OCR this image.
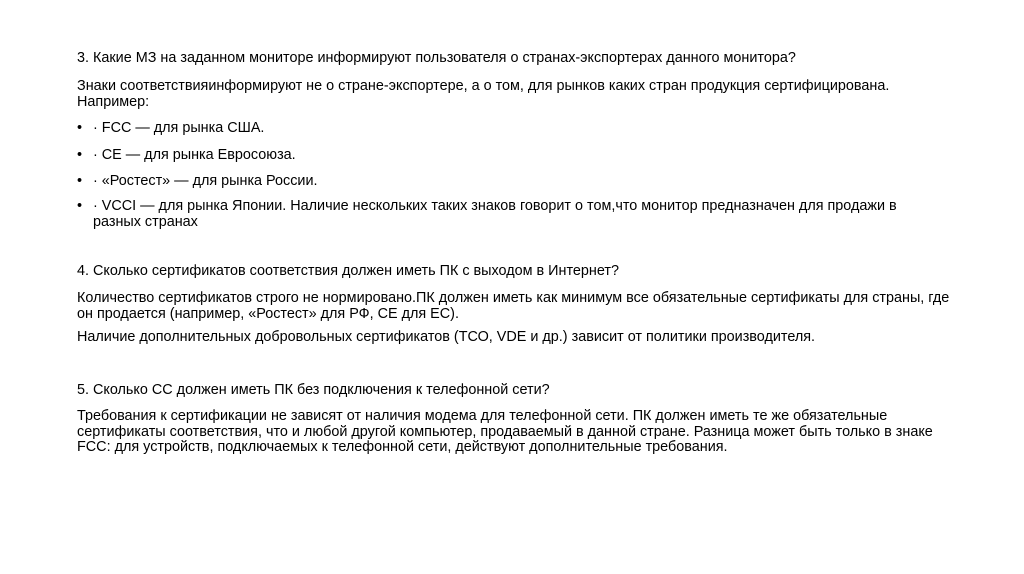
3. Какие МЗ на заданном мониторе информируют пользователя о странах-экспортерах данного монитора?

Знаки соответствияинформируют не о стране-экспортере, а о том, для рынков каких стран продукция сертифицирована. Например:

• · FCC — для рынка США.
• · СЕ — для рынка Евросоюза.
• · «Ростест» — для рынка России.
• · VCCI — для рынка Японии. Наличие нескольких таких знаков говорит о том,что монитор предназначен для продажи в разных странах

4. Сколько сертификатов соответствия должен иметь ПК с выходом в Интернет?

Количество сертификатов строго не нормировано.ПК должен иметь как минимум все обязательные сертификаты для страны, где он продается (например, «Ростест» для РФ, СЕ для ЕС).

Наличие дополнительных добровольных сертификатов (ТСО, VDE и др.) зависит от политики производителя.

5. Сколько СС должен иметь ПК без подключения к телефонной сети?

Требования к сертификации не зависят от наличия модема для телефонной сети. ПК должен иметь те же обязательные сертификаты соответствия, что и любой другой компьютер, продаваемый в данной стране. Разница может быть только в знаке FCC: для устройств, подключаемых к телефонной сети, действуют дополнительные требования.
